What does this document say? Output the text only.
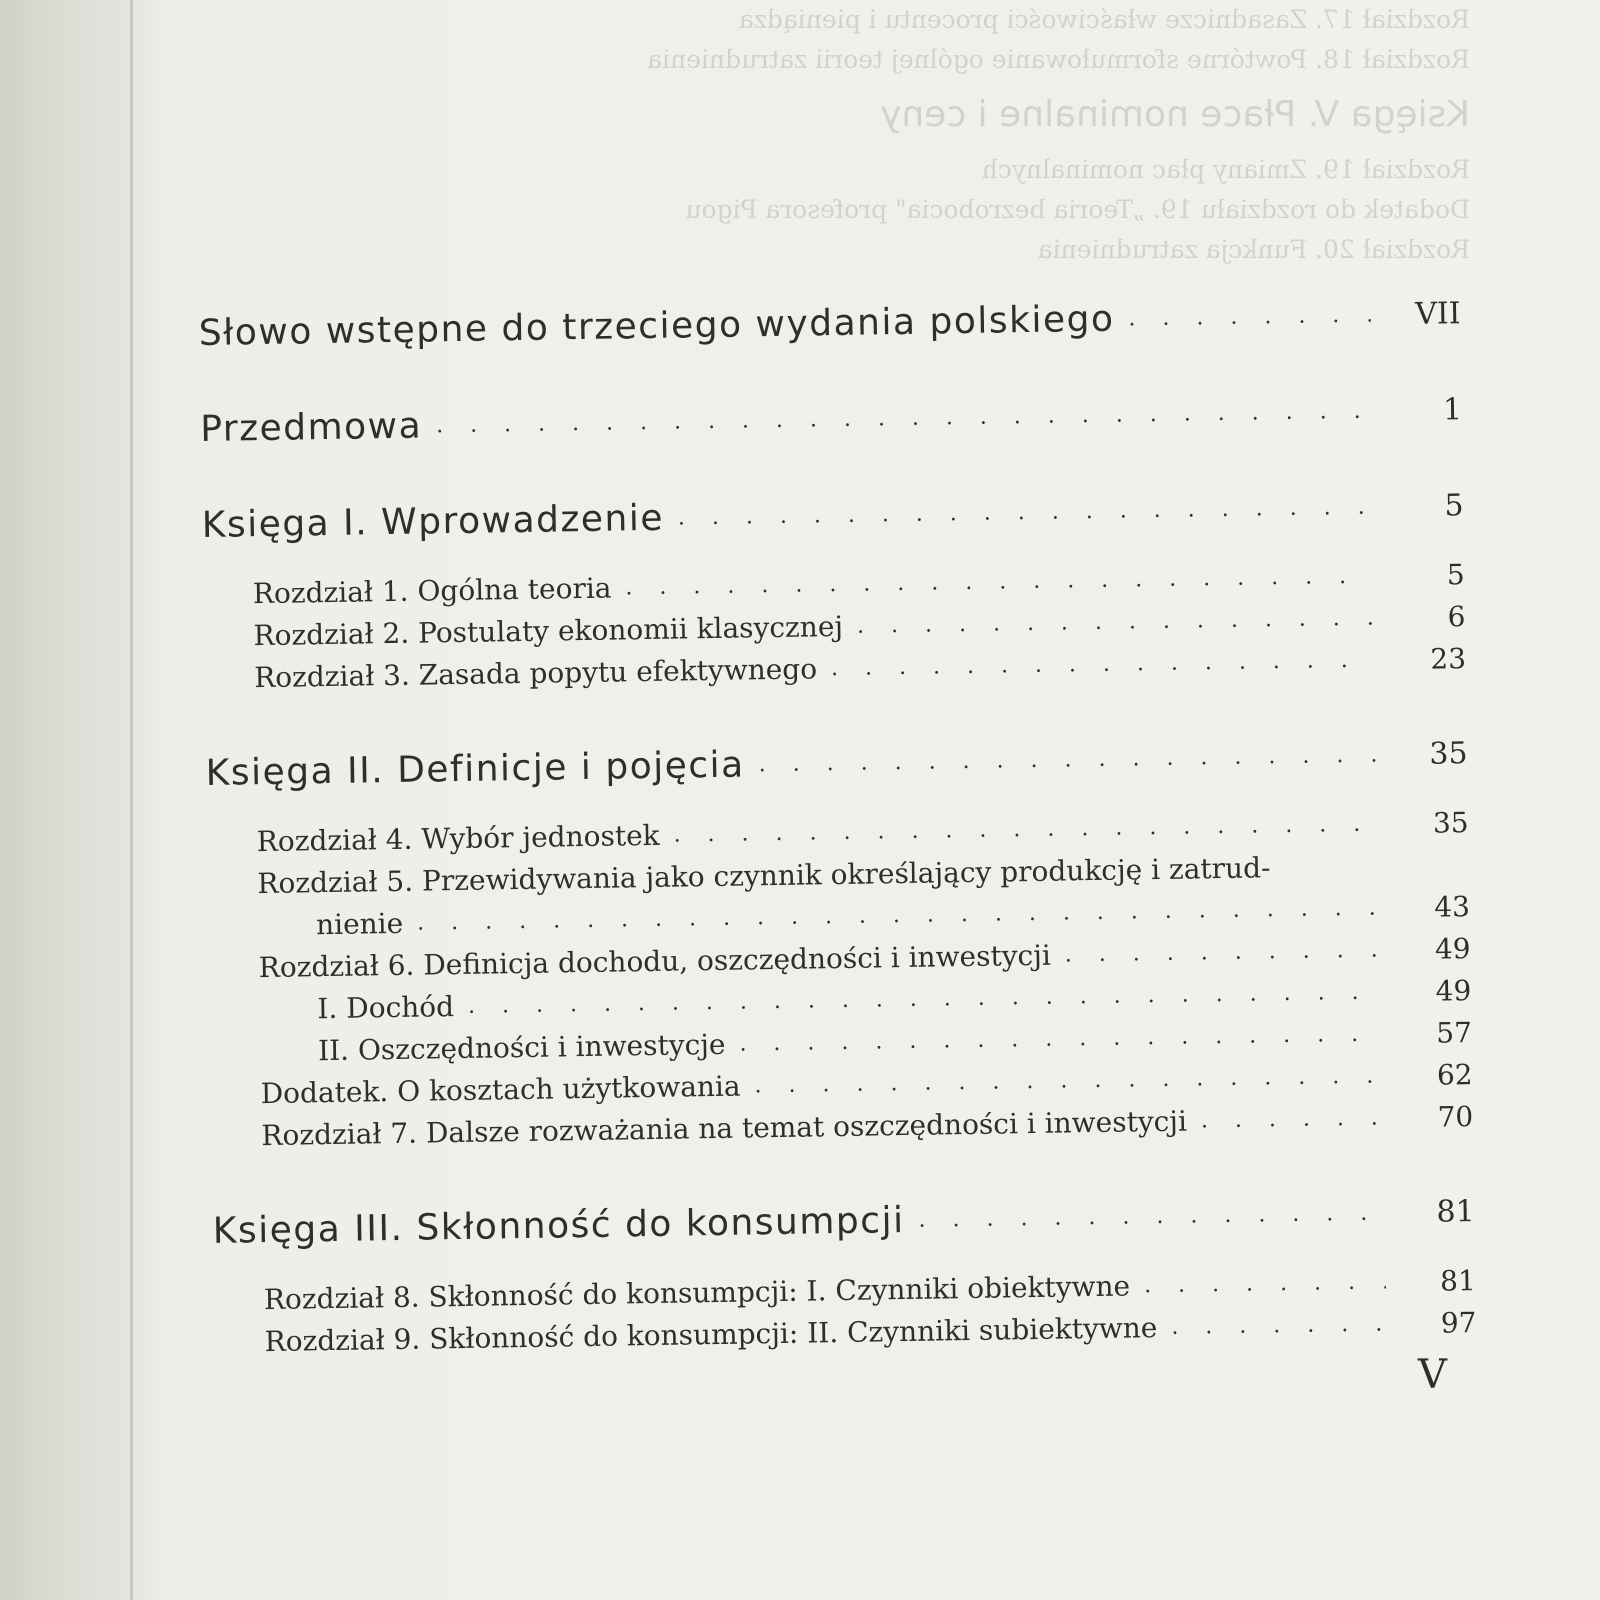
Rozdział 17. Zasadnicze właściwości procentu i pieniądza
Rozdział 18. Powtórne sformułowanie ogólnej teorii zatrudnienia
Księga V. Płace nominalne i ceny
Rozdział 19. Zmiany płac nominalnych
Dodatek do rozdziału 19. „Teoria bezrobocia" profesora Pigou
Rozdział 20. Funkcja zatrudnienia
Słowo wstępne do trzeciego wydania polskiego . . .	VII
Przedmowa . . .	1
Księga I. Wprowadzenie . . .	5
Rozdział 1. Ogólna teoria . . .	5
Rozdział 2. Postulaty ekonomii klasycznej . . .	6
Rozdział 3. Zasada popytu efektywnego . . .	23
Księga II. Definicje i pojęcia . . .	35
Rozdział 4. Wybór jednostek . . .	35
Rozdział 5. Przewidywania jako czynnik określający produkcję i zatrud-
nienie . . .	43
Rozdział 6. Definicja dochodu, oszczędności i inwestycji . . .	49
I. Dochód . . .	49
II. Oszczędności i inwestycje . . .	57
Dodatek. O kosztach użytkowania . . .	62
Rozdział 7. Dalsze rozważania na temat oszczędności i inwestycji . . .	70
Księga III. Skłonność do konsumpcji . . .	81
Rozdział 8. Skłonność do konsumpcji: I. Czynniki obiektywne . . .	81
Rozdział 9. Skłonność do konsumpcji: II. Czynniki subiektywne . . .	97
V
